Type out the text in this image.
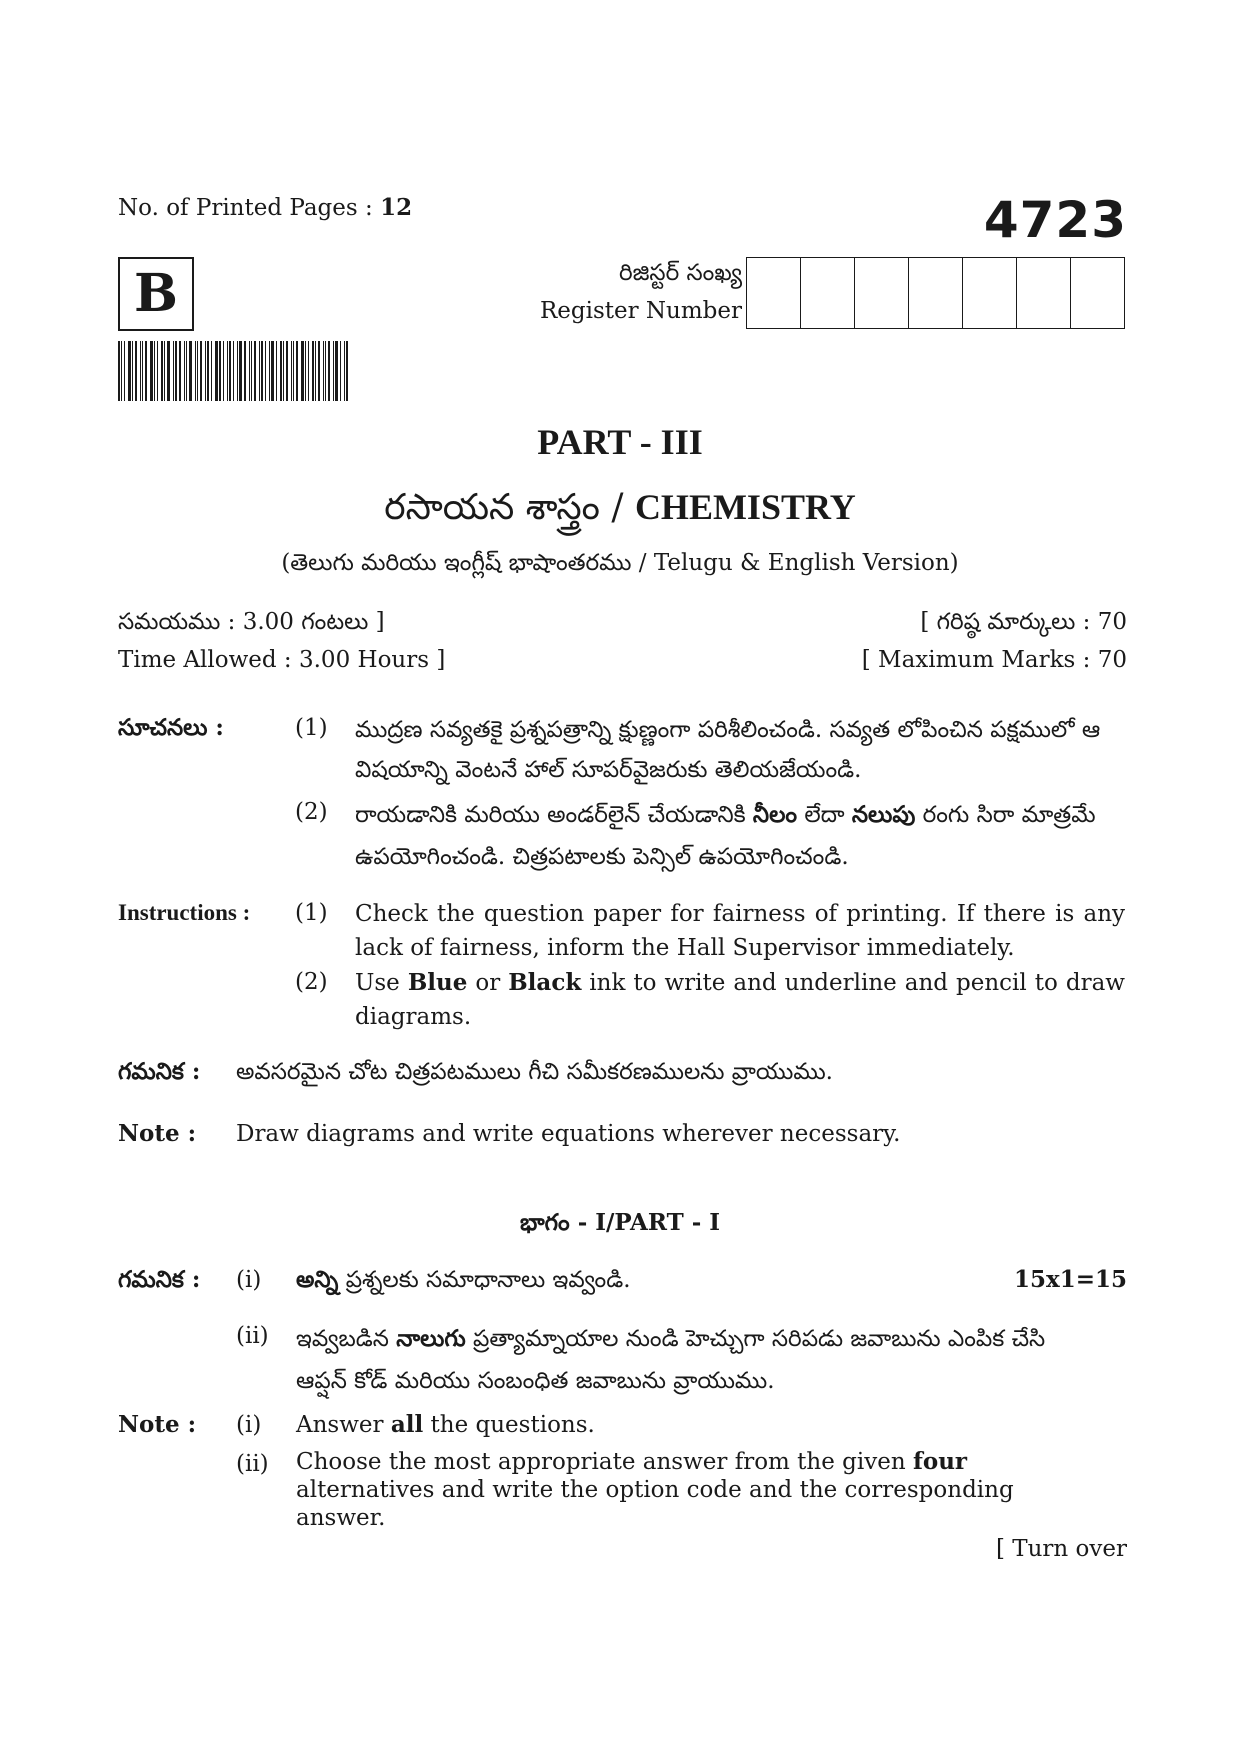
No. of Printed Pages : 12	4723
B	రిజిస్టర్ సంఖ్య
Register Number
PART - III
రసాయన శాస్త్రం / CHEMISTRY
(తెలుగు మరియు ఇంగ్లీష్ భాషాంతరము / Telugu & English Version)
సమయము : 3.00 గంటలు ]
Time Allowed : 3.00 Hours ]
[ గరిష్ఠ మార్కులు : 70
[ Maximum Marks : 70
సూచనలు :	(1) ముద్రణ సవ్యతకై ప్రశ్నపత్రాన్ని క్షుణ్ణంగా పరిశీలించండి. సవ్యత లోపించిన పక్షములో ఆ విషయాన్ని వెంటనే హాల్ సూపర్‌వైజరుకు తెలియజేయండి.
(2) రాయడానికి మరియు అండర్‌లైన్ చేయడానికి నీలం లేదా నలుపు రంగు సిరా మాత్రమే ఉపయోగించండి. చిత్రపటాలకు పెన్సిల్ ఉపయోగించండి.
Instructions : (1) Check the question paper for fairness of printing. If there is any lack of fairness, inform the Hall Supervisor immediately.
(2) Use Blue or Black ink to write and underline and pencil to draw diagrams.
గమనిక : అవసరమైన చోట చిత్రపటములు గీచి సమీకరణములను వ్రాయుము.
Note : Draw diagrams and write equations wherever necessary.
భాగం - I/PART - I
గమనిక : (i) అన్ని ప్రశ్నలకు సమాధానాలు ఇవ్వండి.	15x1=15
(ii) ఇవ్వబడిన నాలుగు ప్రత్యామ్నాయాల నుండి హెచ్చుగా సరిపడు జవాబును ఎంపిక చేసి ఆప్షన్ కోడ్ మరియు సంబంధిత జవాబును వ్రాయుము.
Note : (i) Answer all the questions.
(ii) Choose the most appropriate answer from the given four alternatives and write the option code and the corresponding answer.
[ Turn over
